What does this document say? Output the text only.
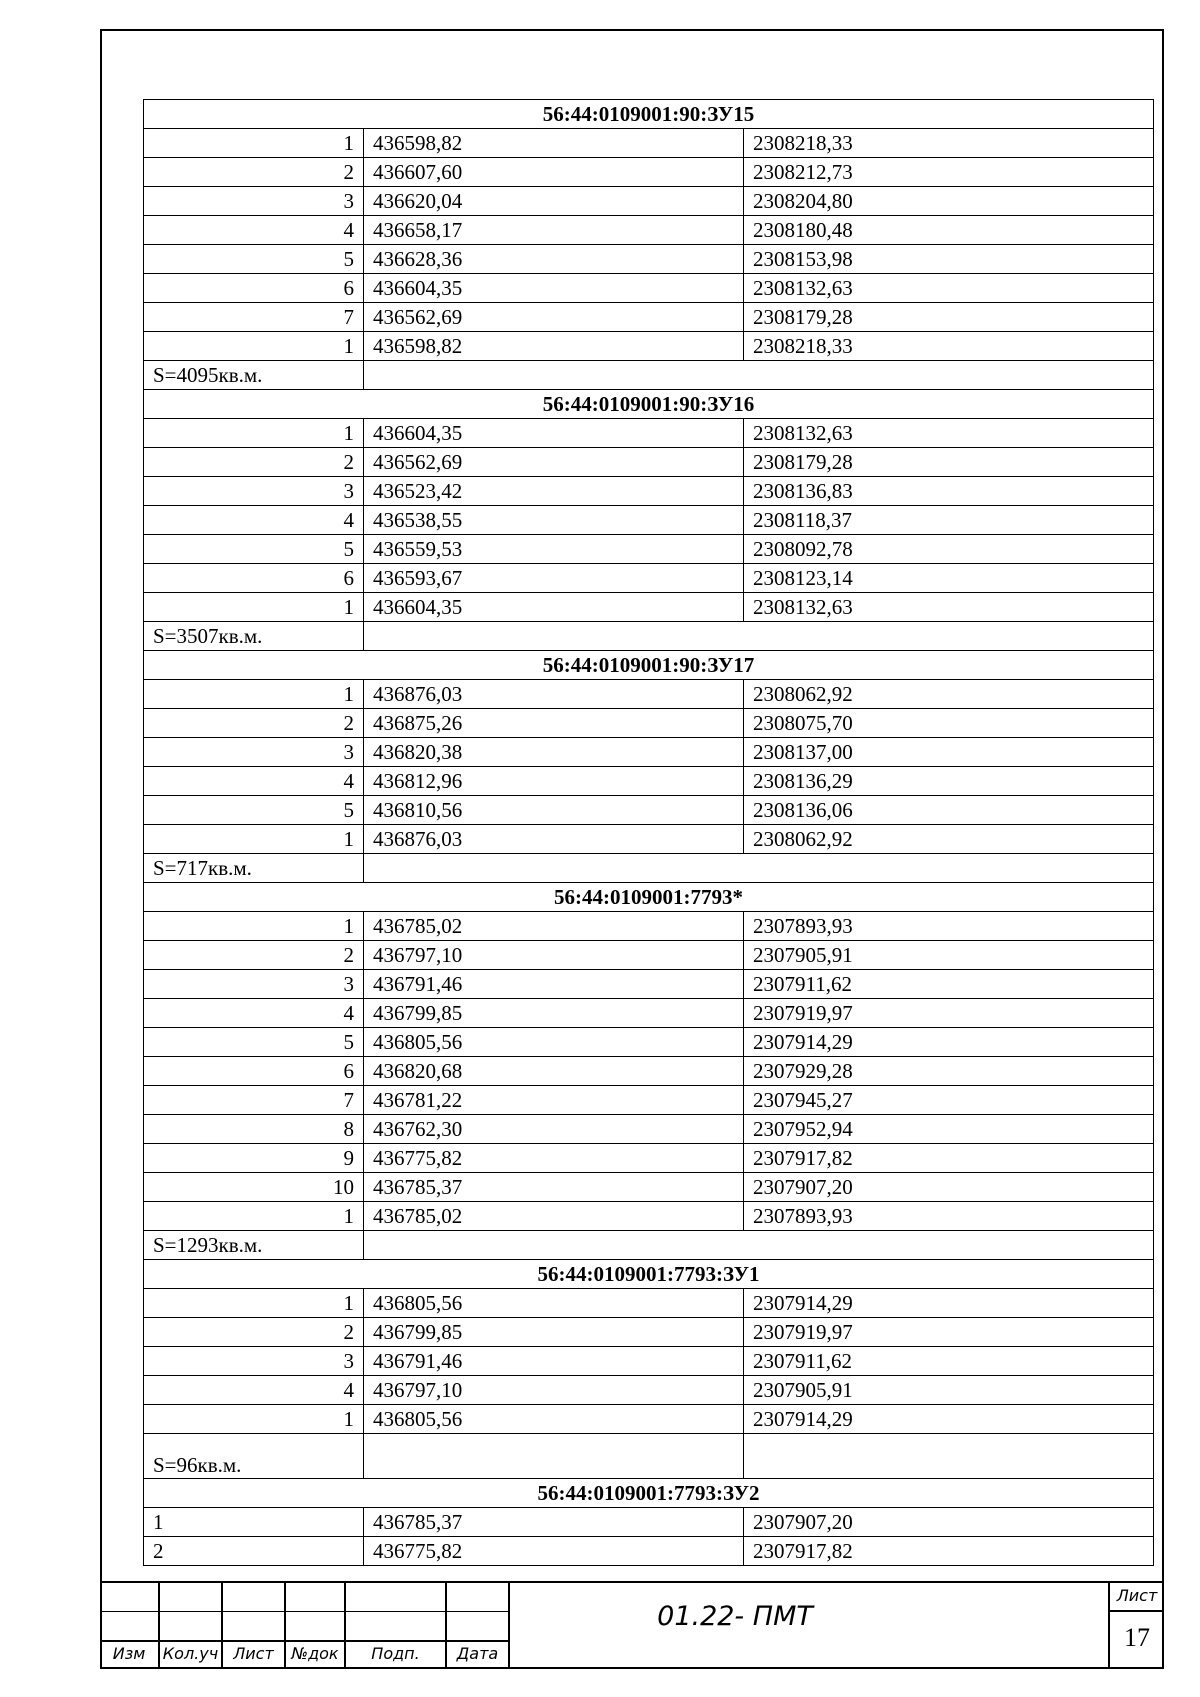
56:44:0109001:90:ЗУ15		
1	436598,82	2308218,33
2	436607,60	2308212,73
3	436620,04	2308204,80
4	436658,17	2308180,48
5	436628,36	2308153,98
6	436604,35	2308132,63
7	436562,69	2308179,28
1	436598,82	2308218,33
S=4095кв.м.		
56:44:0109001:90:ЗУ16		
1	436604,35	2308132,63
2	436562,69	2308179,28
3	436523,42	2308136,83
4	436538,55	2308118,37
5	436559,53	2308092,78
6	436593,67	2308123,14
1	436604,35	2308132,63
S=3507кв.м.		
56:44:0109001:90:ЗУ17		
1	436876,03	2308062,92
2	436875,26	2308075,70
3	436820,38	2308137,00
4	436812,96	2308136,29
5	436810,56	2308136,06
1	436876,03	2308062,92
S=717кв.м.		
56:44:0109001:7793*		
1	436785,02	2307893,93
2	436797,10	2307905,91
3	436791,46	2307911,62
4	436799,85	2307919,97
5	436805,56	2307914,29
6	436820,68	2307929,28
7	436781,22	2307945,27
8	436762,30	2307952,94
9	436775,82	2307917,82
10	436785,37	2307907,20
1	436785,02	2307893,93
S=1293кв.м.		
56:44:0109001:7793:ЗУ1		
1	436805,56	2307914,29
2	436799,85	2307919,97
3	436791,46	2307911,62
4	436797,10	2307905,91
1	436805,56	2307914,29
S=96кв.м.		
56:44:0109001:7793:ЗУ2		
1	436785,37	2307907,20
2	436775,82	2307917,82
Изм	Кол.уч Лист	№док	Подп.	Дата
01.22- ПМТ
Лист
17
